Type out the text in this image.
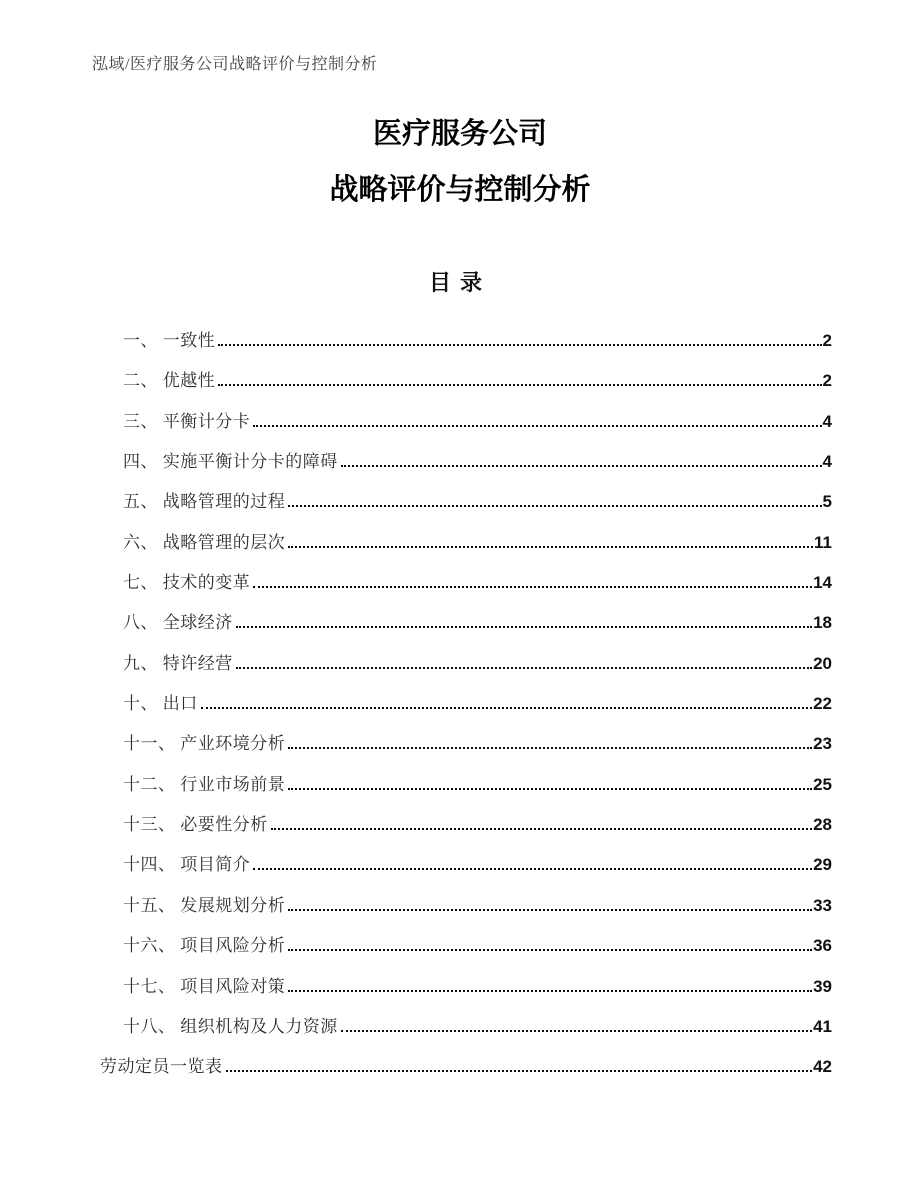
泓域/医疗服务公司战略评价与控制分析
医疗服务公司
战略评价与控制分析
目录
一、 一致性	2
二、 优越性	2
三、 平衡计分卡	4
四、 实施平衡计分卡的障碍	4
五、 战略管理的过程	5
六、 战略管理的层次	11
七、 技术的变革	14
八、 全球经济	18
九、 特许经营	20
十、 出口	22
十一、 产业环境分析	23
十二、 行业市场前景	25
十三、 必要性分析	28
十四、 项目简介	29
十五、 发展规划分析	33
十六、 项目风险分析	36
十七、 项目风险对策	39
十八、 组织机构及人力资源	41
劳动定员一览表	42
